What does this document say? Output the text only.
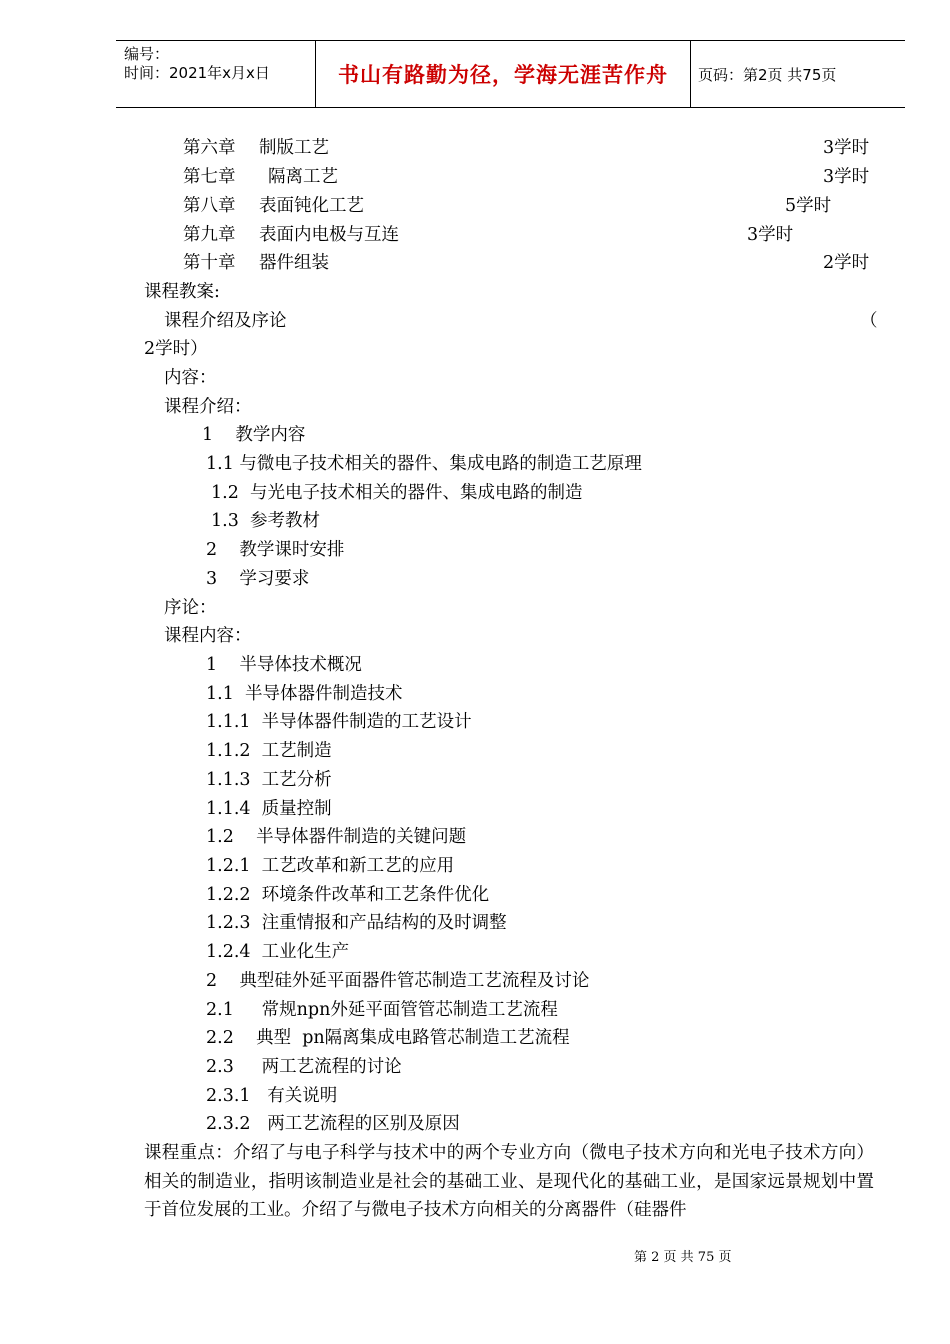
编号：
时间：2021年x月x日	书山有路勤为径，学海无涯苦作舟	页码：第2页 共75页
第六章 制版工艺	3学时
第七章 隔离工艺	3学时
第八章 表面钝化工艺	5学时
第九章 表面内电极与互连	3学时
第十章 器件组装	2学时
课程教案:
课程介绍及序论	（
2学时）
内容：
课程介绍：
1    教学内容
1.1 与微电子技术相关的器件、集成电路的制造工艺原理
1.2  与光电子技术相关的器件、集成电路的制造
1.3  参考教材
2    教学课时安排
3    学习要求
序论：
课程内容：
1    半导体技术概况
1.1  半导体器件制造技术
1.1.1  半导体器件制造的工艺设计
1.1.2  工艺制造
1.1.3  工艺分析
1.1.4  质量控制
1.2    半导体器件制造的关键问题
1.2.1  工艺改革和新工艺的应用
1.2.2  环境条件改革和工艺条件优化
1.2.3  注重情报和产品结构的及时调整
1.2.4  工业化生产
2    典型硅外延平面器件管芯制造工艺流程及讨论
2.1     常规npn外延平面管管芯制造工艺流程
2.2    典型  pn隔离集成电路管芯制造工艺流程
2.3     两工艺流程的讨论
2.3.1   有关说明
2.3.2   两工艺流程的区别及原因
课程重点：介绍了与电子科学与技术中的两个专业方向（微电子技术方向和光电子技术方向）相关的制造业，指明该制造业是社会的基础工业、是现代化的基础工业，是国家远景规划中置于首位发展的工业。介绍了与微电子技术方向相关的分离器件（硅器件
第 2 页 共 75 页
